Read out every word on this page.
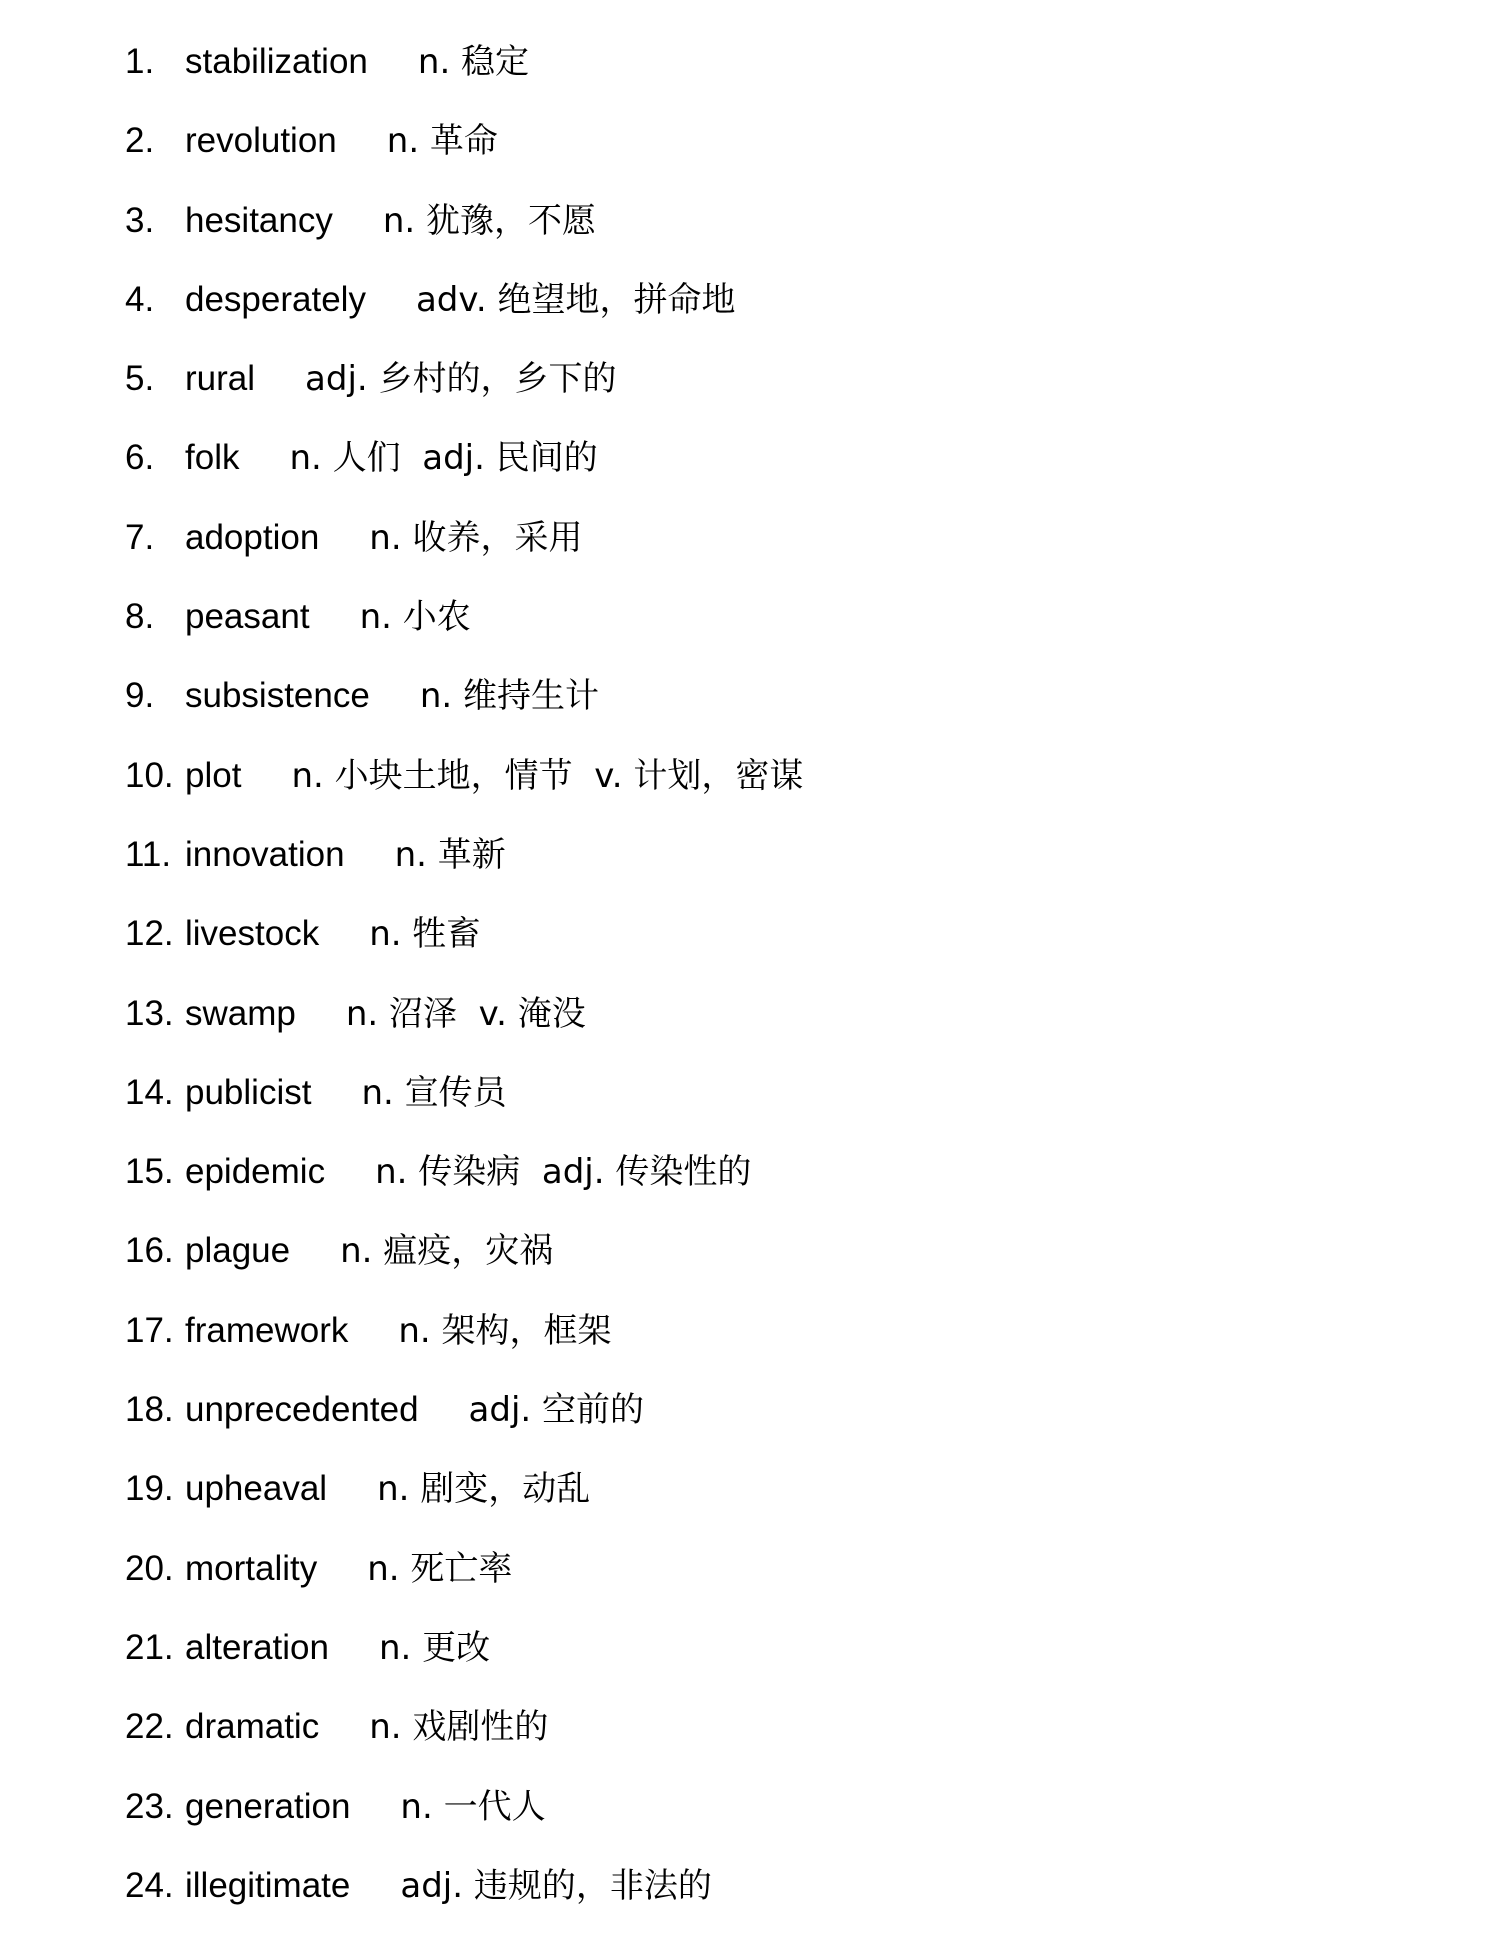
1. stabilization n. 稳定
2. revolution n. 革命
3. hesitancy n. 犹豫，不愿
4. desperately adv. 绝望地，拼命地
5. rural adj. 乡村的，乡下的
6. folk n. 人们  adj. 民间的
7. adoption n. 收养，采用
8. peasant n. 小农
9. subsistence n. 维持生计
10. plot n. 小块土地，情节  v. 计划，密谋
11. innovation n. 革新
12. livestock n. 牲畜
13. swamp n. 沼泽  v. 淹没
14. publicist n. 宣传员
15. epidemic n. 传染病  adj. 传染性的
16. plague n. 瘟疫，灾祸
17. framework n. 架构，框架
18. unprecedented adj. 空前的
19. upheaval n. 剧变，动乱
20. mortality n. 死亡率
21. alteration n. 更改
22. dramatic n. 戏剧性的
23. generation n. 一代人
24. illegitimate adj. 违规的，非法的
